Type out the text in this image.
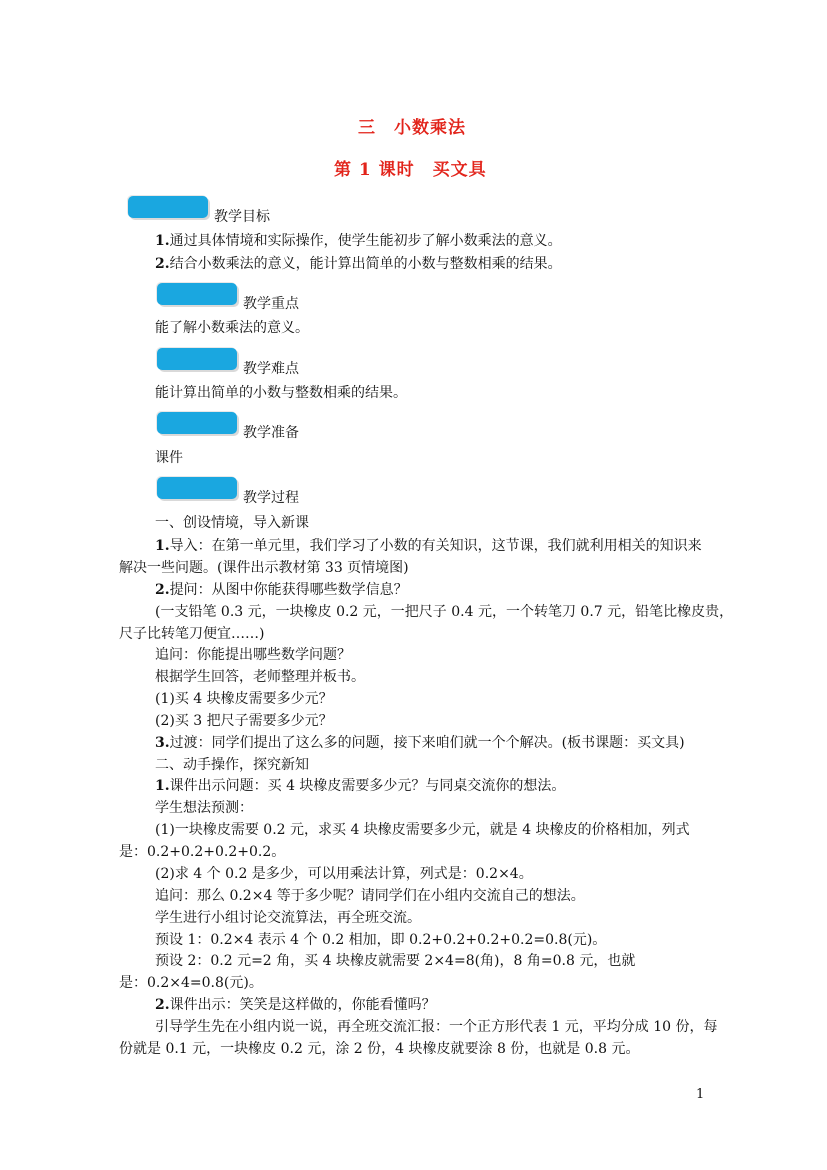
三　小数乘法
第 1 课时　买文具
教学目标
1.通过具体情境和实际操作，使学生能初步了解小数乘法的意义。
2.结合小数乘法的意义，能计算出简单的小数与整数相乘的结果。
教学重点
能了解小数乘法的意义。
教学难点
能计算出简单的小数与整数相乘的结果。
教学准备
课件
教学过程
一、创设情境，导入新课
1.导入：在第一单元里，我们学习了小数的有关知识，这节课，我们就利用相关的知识来
解决一些问题。(课件出示教材第 33 页情境图)
2.提问：从图中你能获得哪些数学信息？
(一支铅笔 0.3 元，一块橡皮 0.2 元，一把尺子 0.4 元，一个转笔刀 0.7 元，铅笔比橡皮贵，
尺子比转笔刀便宜……)
追问：你能提出哪些数学问题？
根据学生回答，老师整理并板书。
(1)买 4 块橡皮需要多少元？
(2)买 3 把尺子需要多少元？
3.过渡：同学们提出了这么多的问题，接下来咱们就一个个解决。(板书课题：买文具)
二、动手操作，探究新知
1.课件出示问题：买 4 块橡皮需要多少元？与同桌交流你的想法。
学生想法预测：
(1)一块橡皮需要 0.2 元，求买 4 块橡皮需要多少元，就是 4 块橡皮的价格相加，列式
是：0.2+0.2+0.2+0.2。
(2)求 4 个 0.2 是多少，可以用乘法计算，列式是：0.2×4。
追问：那么 0.2×4 等于多少呢？请同学们在小组内交流自己的想法。
学生进行小组讨论交流算法，再全班交流。
预设 1：0.2×4 表示 4 个 0.2 相加，即 0.2+0.2+0.2+0.2=0.8(元)。
预设 2：0.2 元=2 角，买 4 块橡皮就需要 2×4=8(角)，8 角=0.8 元，也就
是：0.2×4=0.8(元)。
2.课件出示：笑笑是这样做的，你能看懂吗？
引导学生先在小组内说一说，再全班交流汇报：一个正方形代表 1 元，平均分成 10 份，每
份就是 0.1 元，一块橡皮 0.2 元，涂 2 份，4 块橡皮就要涂 8 份，也就是 0.8 元。
1
